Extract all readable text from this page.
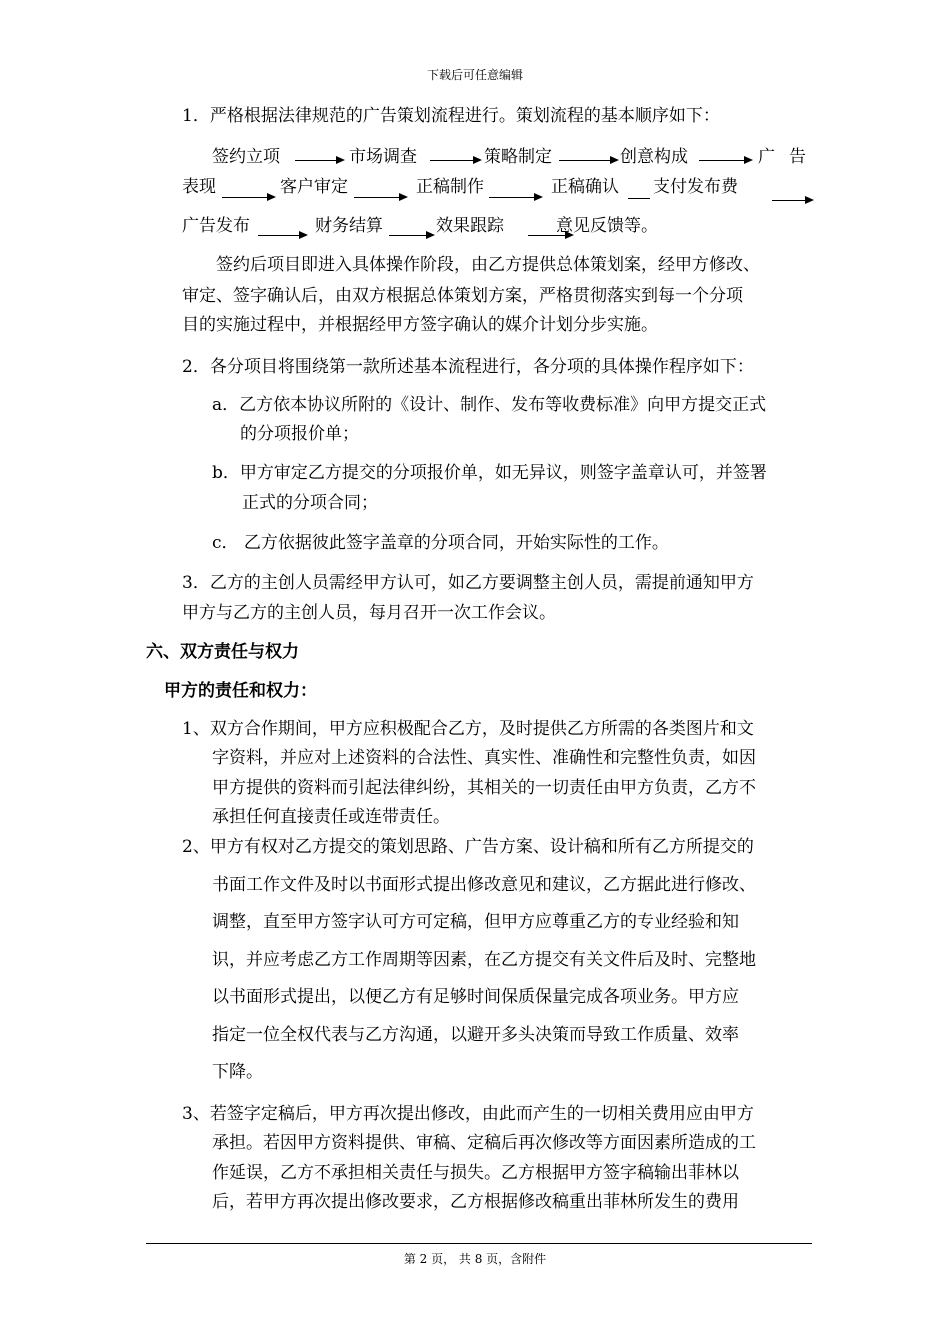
下载后可任意编辑
1．严格根据法律规范的广告策划流程进行。策划流程的基本顺序如下：
签约立项	市场调查	策略制定	创意构成	广 告
表现	客户审定	正稿制作	正稿确认 支付发布费
广告发布	财务结算	效果跟踪	意见反馈等。
签约后项目即进入具体操作阶段，由乙方提供总体策划案，经甲方修改、
审定、签字确认后，由双方根据总体策划方案，严格贯彻落实到每一个分项
目的实施过程中，并根据经甲方签字确认的媒介计划分步实施。
2．各分项目将围绕第一款所述基本流程进行，各分项的具体操作程序如下：
a．乙方依本协议所附的《设计、制作、发布等收费标准》向甲方提交正式
的分项报价单；
b．甲方审定乙方提交的分项报价单，如无异议，则签字盖章认可，并签署
正式的分项合同；
c． 乙方依据彼此签字盖章的分项合同，开始实际性的工作。
3．乙方的主创人员需经甲方认可，如乙方要调整主创人员，需提前通知甲方
甲方与乙方的主创人员，每月召开一次工作会议。
六、双方责任与权力
甲方的责任和权力：
1、双方合作期间，甲方应积极配合乙方，及时提供乙方所需的各类图片和文
字资料，并应对上述资料的合法性、真实性、准确性和完整性负责，如因
甲方提供的资料而引起法律纠纷，其相关的一切责任由甲方负责，乙方不
承担任何直接责任或连带责任。
2、甲方有权对乙方提交的策划思路、广告方案、设计稿和所有乙方所提交的
书面工作文件及时以书面形式提出修改意见和建议，乙方据此进行修改、
调整，直至甲方签字认可方可定稿，但甲方应尊重乙方的专业经验和知
识，并应考虑乙方工作周期等因素，在乙方提交有关文件后及时、完整地
以书面形式提出，以便乙方有足够时间保质保量完成各项业务。甲方应
指定一位全权代表与乙方沟通，以避开多头决策而导致工作质量、效率
下降。
3、若签字定稿后，甲方再次提出修改，由此而产生的一切相关费用应由甲方
承担。若因甲方资料提供、审稿、定稿后再次修改等方面因素所造成的工
作延误，乙方不承担相关责任与损失。乙方根据甲方签字稿输出菲林以
后，若甲方再次提出修改要求，乙方根据修改稿重出菲林所发生的费用
第 2 页， 共 8 页，含附件
